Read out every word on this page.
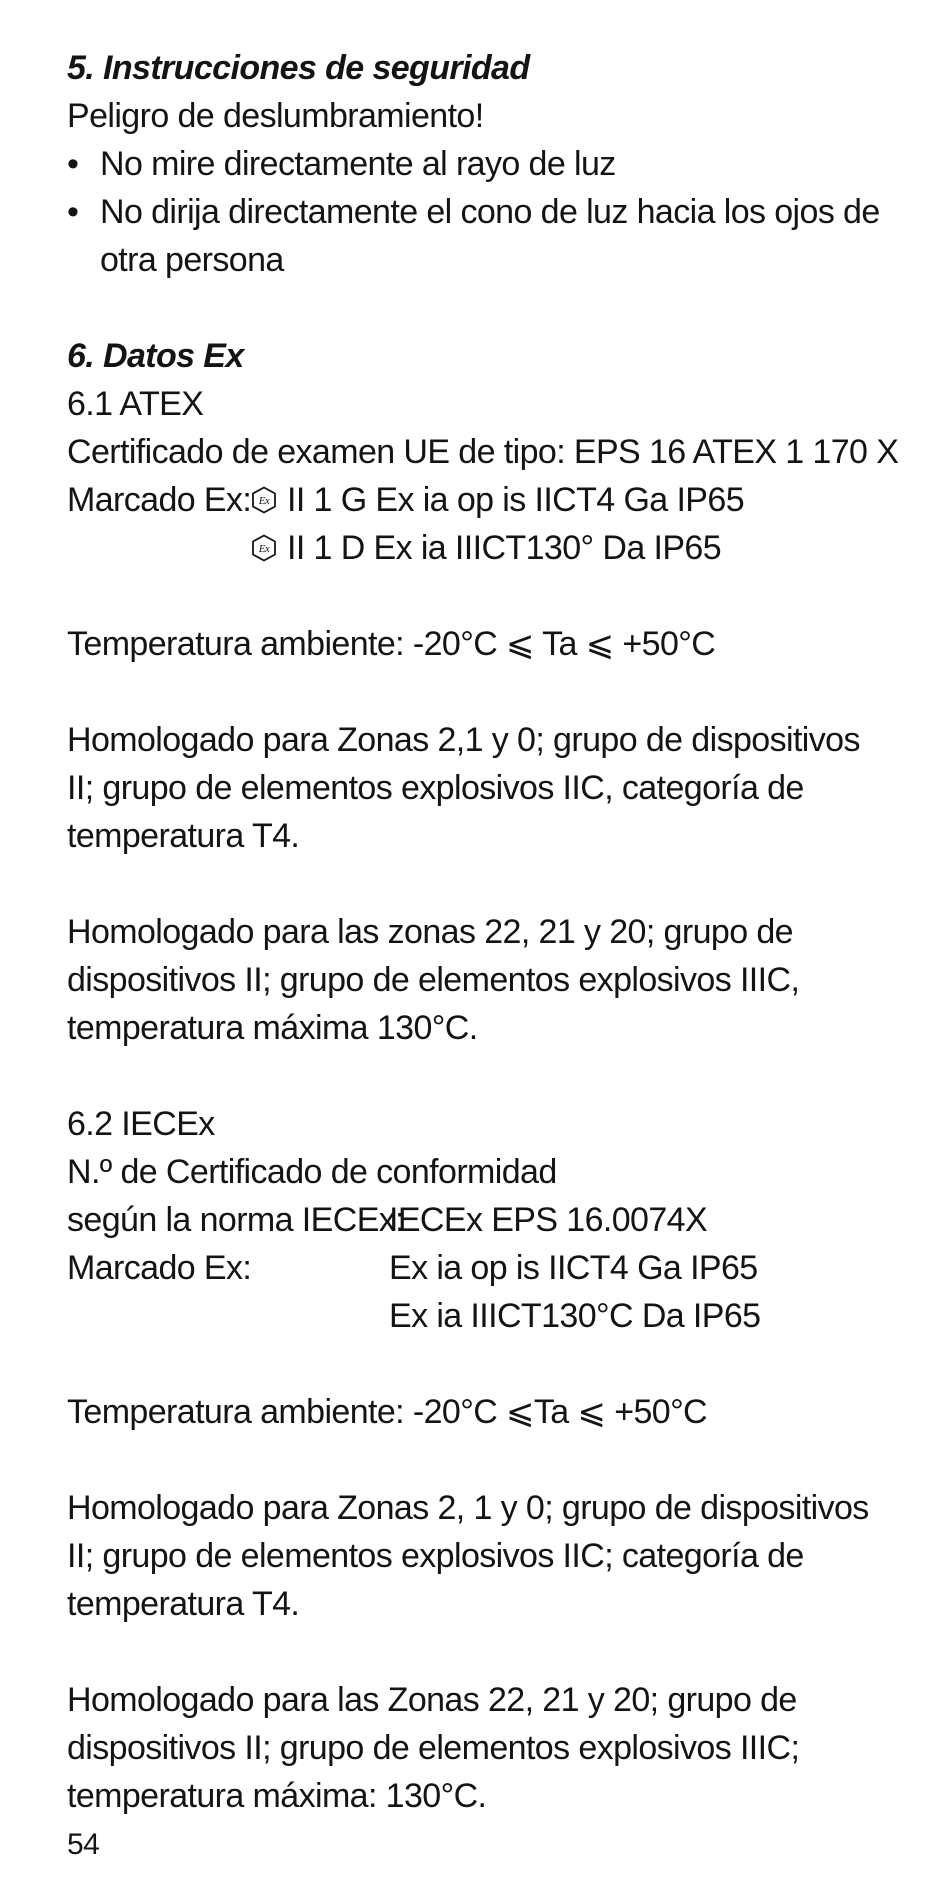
5. Instrucciones de seguridad
Peligro de deslumbramiento!
• No mire directamente al rayo de luz
• No dirija directamente el cono de luz hacia los ojos de
otra persona
6. Datos Ex
6.1 ATEX
Certificado de examen UE de tipo: EPS 16 ATEX 1 170 X
Marcado Ex: Ex II 1 G Ex ia op is IICT4 Ga IP65
Ex II 1 D Ex ia IIICT130° Da IP65
Temperatura ambiente: -20°C ⩽ Ta ⩽ +50°C
Homologado para Zonas 2,1 y 0; grupo de dispositivos
II; grupo de elementos explosivos IIC, categoría de
temperatura T4.
Homologado para las zonas 22, 21 y 20; grupo de
dispositivos II; grupo de elementos explosivos IIIC,
temperatura máxima 130°C.
6.2 IECEx
N.º de Certificado de conformidad
según la norma IECEx:
IECEx EPS 16.0074X
Marcado Ex:	Ex ia op is IICT4 Ga IP65
Ex ia IIICT130°C Da IP65
Temperatura ambiente: -20°C ⩽Ta ⩽ +50°C
Homologado para Zonas 2, 1 y 0; grupo de dispositivos
II; grupo de elementos explosivos IIC; categoría de
temperatura T4.
Homologado para las Zonas 22, 21 y 20; grupo de
dispositivos II; grupo de elementos explosivos IIIC;
temperatura máxima: 130°C.
54
